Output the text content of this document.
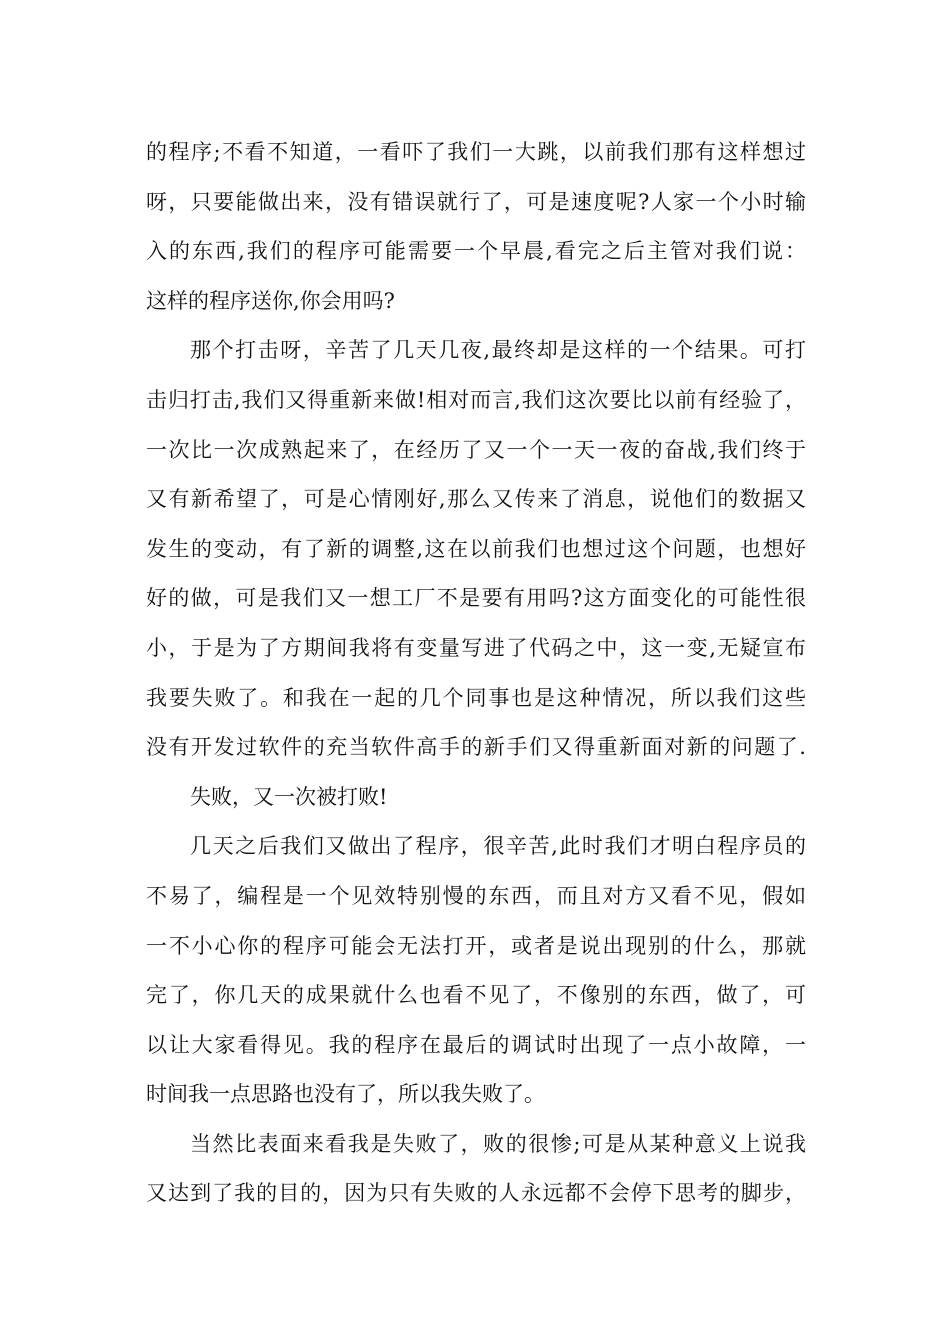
的程序;不看不知道，一看吓了我们一大跳，以前我们那有这样想过
呀，只要能做出来，没有错误就行了，可是速度呢?人家一个小时输
入的东西,我们的程序可能需要一个早晨,看完之后主管对我们说：
这样的程序送你,你会用吗?
那个打击呀，辛苦了几天几夜,最终却是这样的一个结果。可打
击归打击,我们又得重新来做!相对而言,我们这次要比以前有经验了，
一次比一次成熟起来了，在经历了又一个一天一夜的奋战,我们终于
又有新希望了，可是心情刚好,那么又传来了消息，说他们的数据又
发生的变动，有了新的调整,这在以前我们也想过这个问题，也想好
好的做，可是我们又一想工厂不是要有用吗?这方面变化的可能性很
小，于是为了方期间我将有变量写进了代码之中，这一变,无疑宣布
我要失败了。和我在一起的几个同事也是这种情况，所以我们这些
没有开发过软件的充当软件高手的新手们又得重新面对新的问题了.
失败，又一次被打败!
几天之后我们又做出了程序，很辛苦,此时我们才明白程序员的
不易了，编程是一个见效特别慢的东西，而且对方又看不见，假如
一不小心你的程序可能会无法打开，或者是说出现别的什么，那就
完了，你几天的成果就什么也看不见了，不像别的东西，做了，可
以让大家看得见。我的程序在最后的调试时出现了一点小故障，一
时间我一点思路也没有了，所以我失败了。
当然比表面来看我是失败了，败的很惨;可是从某种意义上说我
又达到了我的目的，因为只有失败的人永远都不会停下思考的脚步，
